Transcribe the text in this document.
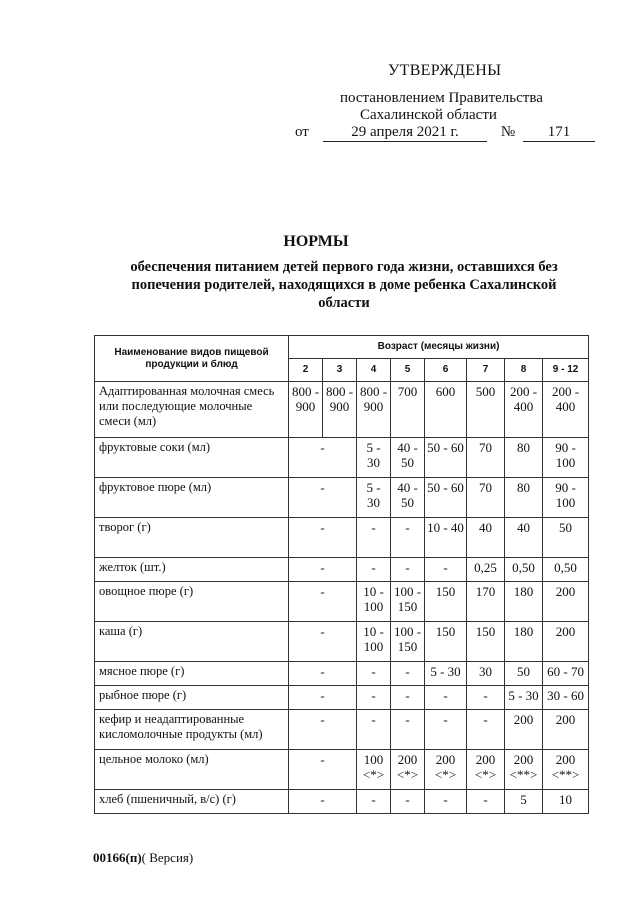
УТВЕРЖДЕНЫ
постановлением Правительства
Сахалинской области
от	29 апреля 2021 г.	№ 171
НОРМЫ
обеспечения питанием детей первого года жизни, оставшихся без попечения родителей, находящихся в доме ребенка Сахалинской области
Наименование видов пищевой продукции и блюд	Возраст (месяцы жизни)							
	2	3	4	5	6	7	8	9 - 12
Адаптированная молочная смесь или последующие молочные смеси (мл)	800 - 900	800 - 900	800 - 900	700	600	500	200 - 400	200 - 400
фруктовые соки (мл)	-		5 - 30	40 - 50	50 - 60	70	80	90 - 100
фруктовое пюре (мл)	-		5 - 30	40 - 50	50 - 60	70	80	90 - 100
творог (г)	-		-	-	10 - 40	40	40	50
желток (шт.)	-		-	-	-	0,25	0,50	0,50
овощное пюре (г)	-		10 - 100	100 - 150	150	170	180	200
каша (г)	-		10 - 100	100 - 150	150	150	180	200
мясное пюре (г)	-		-	-	5 - 30	30	50	60 - 70
рыбное пюре (г)	-		-	-	-	-	5 - 30	30 - 60
кефир и неадаптированные кисломолочные продукты (мл)	-		-	-	-	-	200	200
цельное молоко (мл)	-		100 <*>	200 <*>	200 <*>	200 <*>	200 <**>	200 <**>
хлеб (пшеничный, в/с) (г)	-		-	-	-	-	5	10
00166(п)( Версия)
